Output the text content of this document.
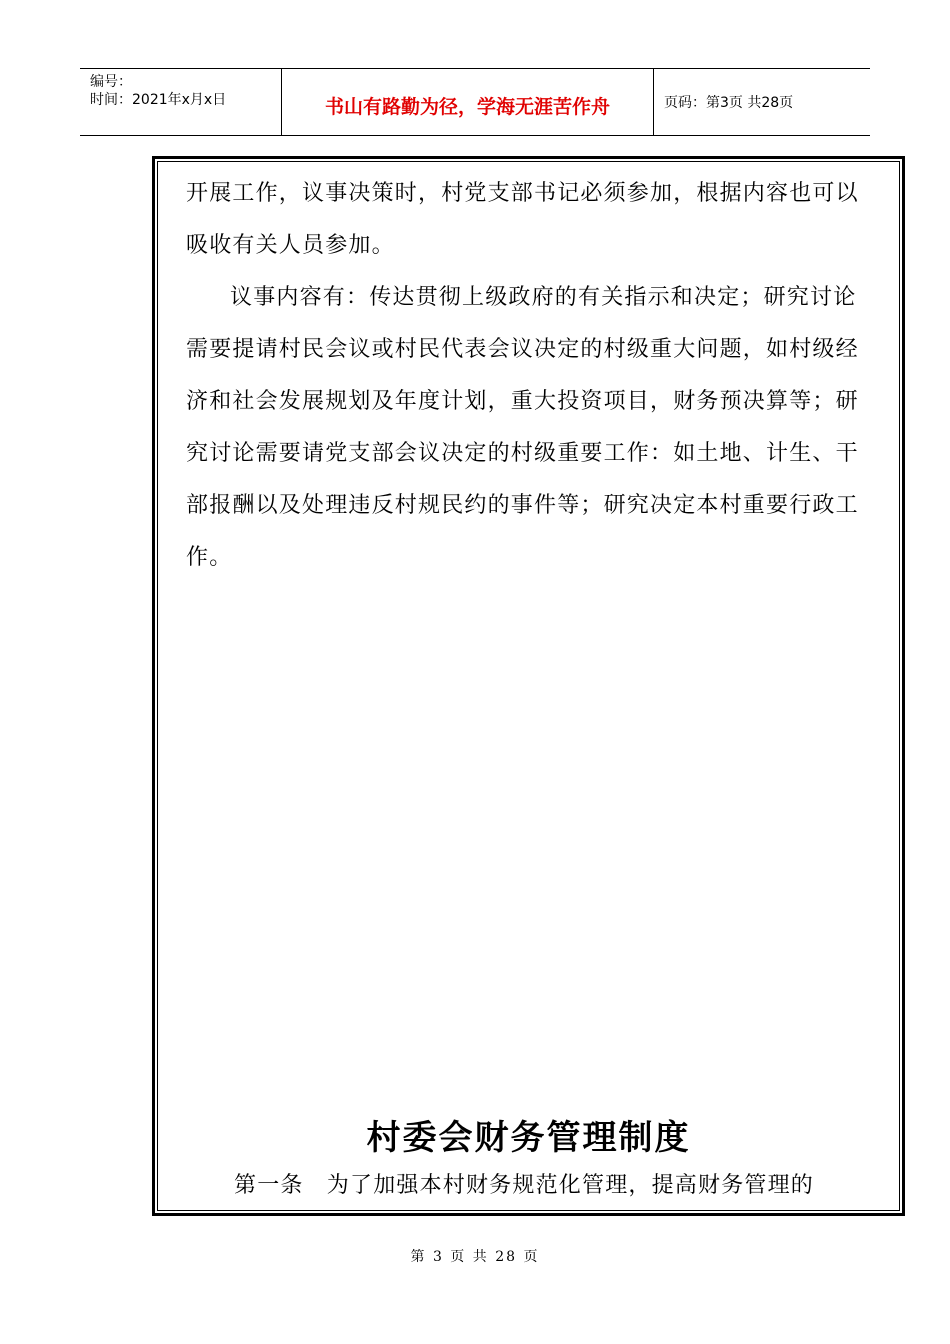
编号：
时间：2021年x月x日	书山有路勤为径，学海无涯苦作舟	页码：第3页 共28页

开展工作，议事决策时，村党支部书记必须参加，根据内容也可以吸收有关人员参加。

议事内容有：传达贯彻上级政府的有关指示和决定；研究讨论需要提请村民会议或村民代表会议决定的村级重大问题，如村级经济和社会发展规划及年度计划，重大投资项目，财务预决算等；研究讨论需要请党支部会议决定的村级重要工作：如土地、计生、干部报酬以及处理违反村规民约的事件等；研究决定本村重要行政工作。

村委会财务管理制度
第一条　为了加强本村财务规范化管理，提高财务管理的
第 3 页 共 28 页
